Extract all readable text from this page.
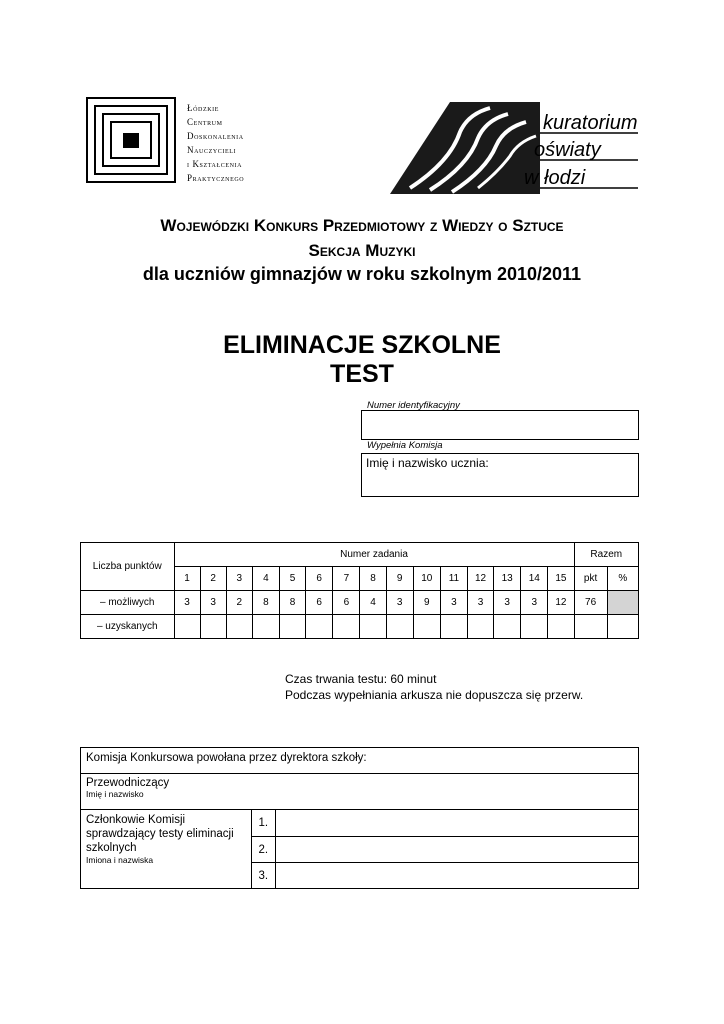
Łódzkie
Centrum
Doskonalenia
Nauczycieli
i Kształcenia
Praktycznego
kuratorium
oświaty
w łodzi
Wojewódzki Konkurs Przedmiotowy z Wiedzy o Sztuce
Sekcja Muzyki
dla uczniów gimnazjów w roku szkolnym 2010/2011
ELIMINACJE SZKOLNE
TEST
Numer identyfikacyjny
Wypełnia Komisja
Imię i nazwisko ucznia:
Liczba punktów	Numer zadania															Razem	
	1	2	3	4	5	6	7	8	9	10	11	12	13	14	15	pkt	%
– możliwych	3	3	2	8	8	6	6	4	3	9	3	3	3	3	12	76	
– uzyskanych																	
Czas trwania testu: 60 minut
Podczas wypełniania arkusza nie dopuszcza się przerw.
Komisja Konkursowa powołana przez dyrektora szkoły:		

Przewodniczący
Imię i nazwisko		

Członkowie Komisji sprawdzający testy eliminacji szkolnych
Imiona i nazwiska	1.	
	2.	
	3.	
